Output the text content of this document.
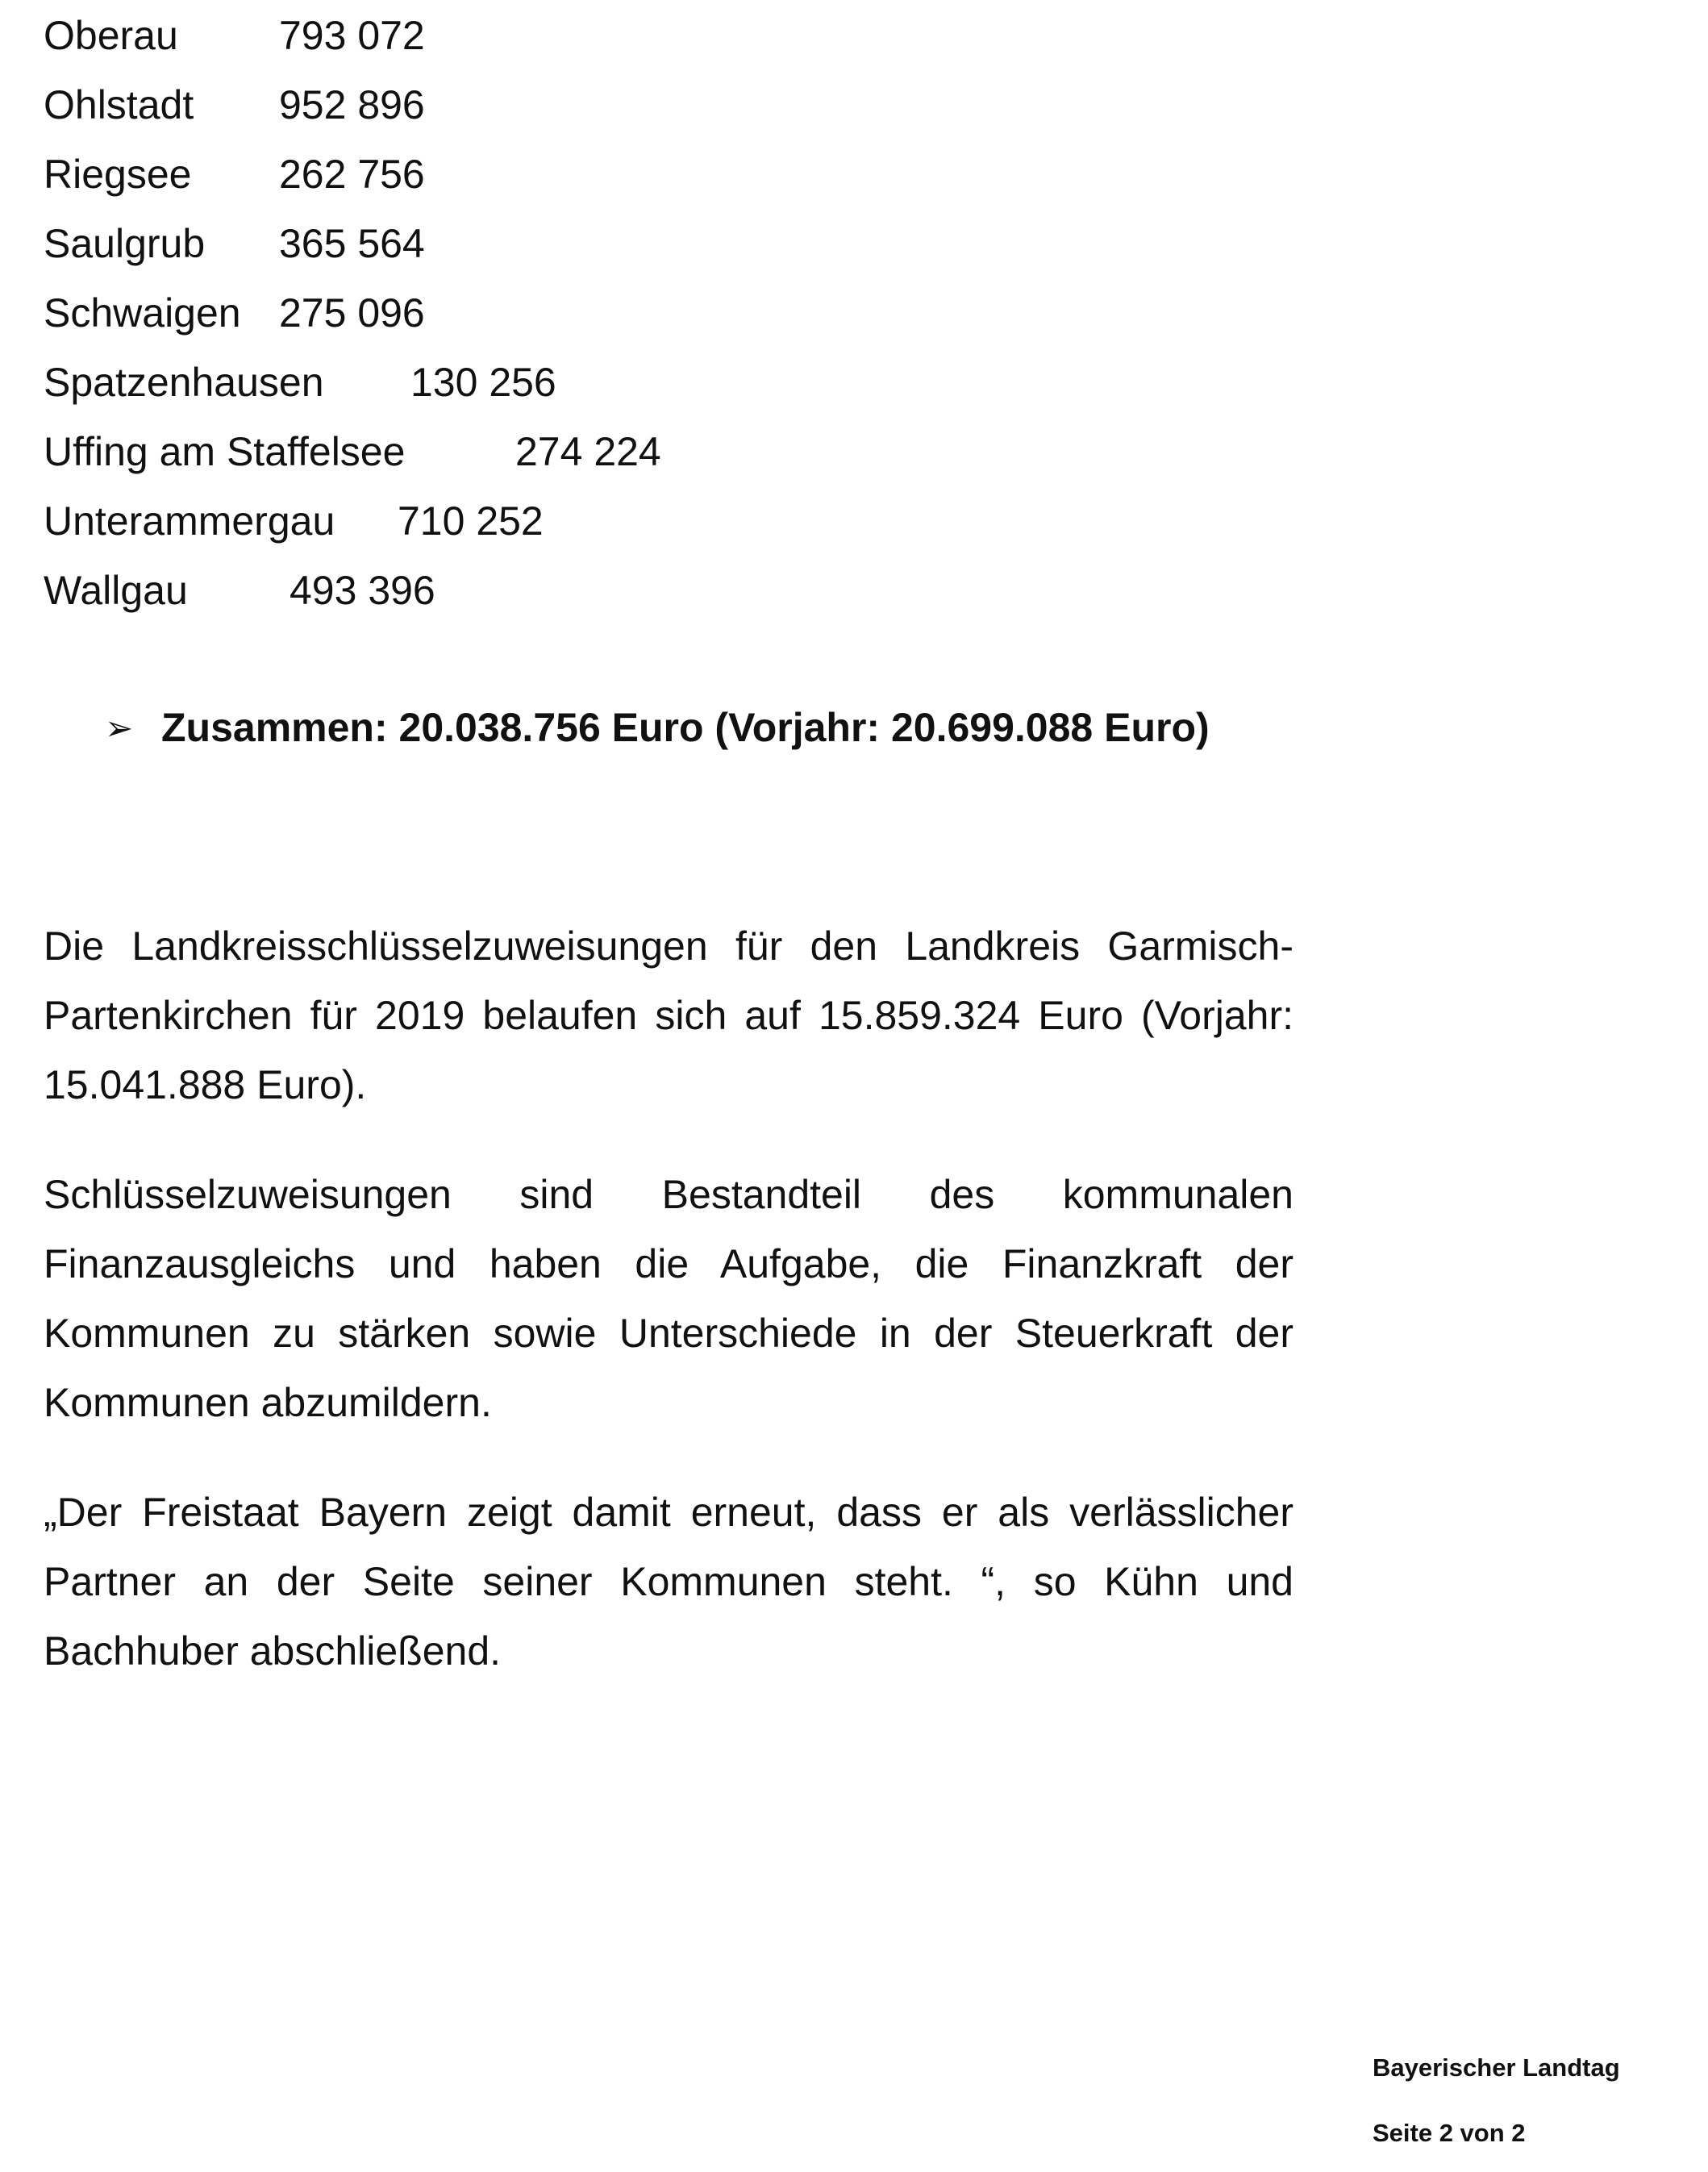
Oberau	793 072
Ohlstadt 952 896
Riegsee 262 756
Saulgrub 365 564
Schwaigen 275 096
Spatzenhausen 130 256
Uffing am Staffelsee	274 224
Unterammergau 710 252
Wallgau	493 396
➢ Zusammen: 20.038.756 Euro (Vorjahr: 20.699.088 Euro)

Die Landkreisschlüsselzuweisungen für den Landkreis Garmisch-Partenkirchen für 2019 belaufen sich auf 15.859.324 Euro (Vorjahr: 15.041.888 Euro).

Schlüsselzuweisungen sind Bestandteil des kommunalen Finanzausgleichs und haben die Aufgabe, die Finanzkraft der Kommunen zu stärken sowie Unterschiede in der Steuerkraft der Kommunen abzumildern.

„Der Freistaat Bayern zeigt damit erneut, dass er als verlässlicher Partner an der Seite seiner Kommunen steht. “, so Kühn und Bachhuber abschließend.

Bayerischer Landtag
Seite 2 von 2
